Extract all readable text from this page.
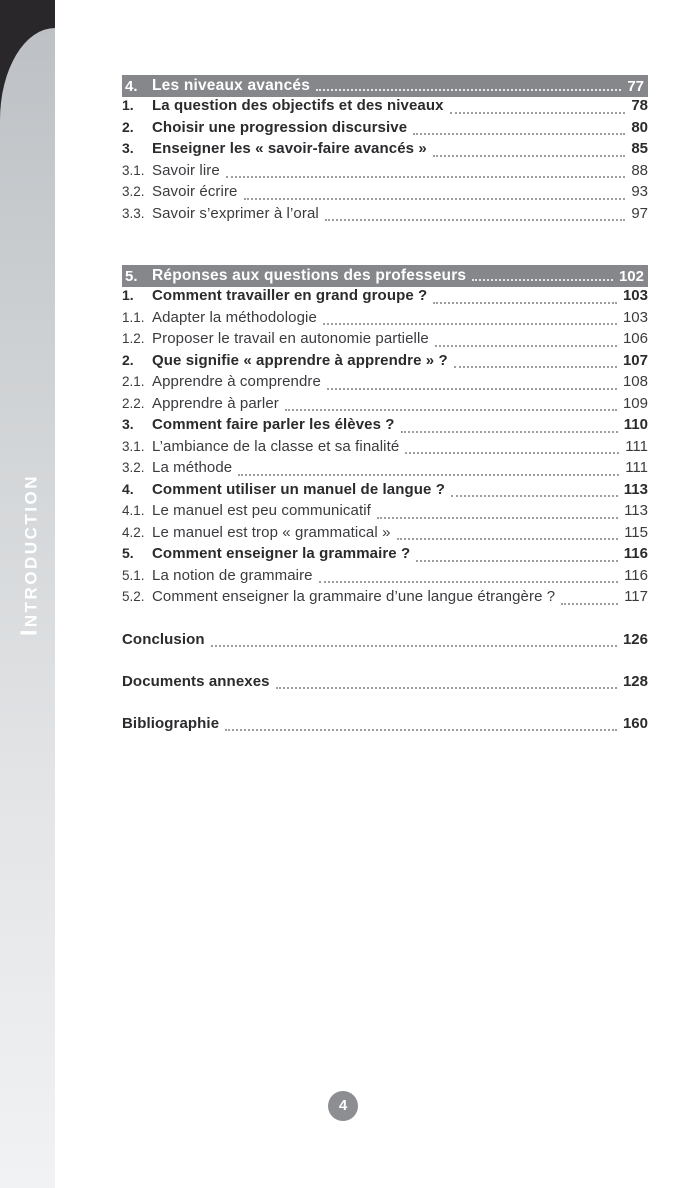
INTRODUCTION
4. Les niveaux avancés	77
1.	La question des objectifs et des niveaux	78
2.	Choisir une progression discursive	80
3.	Enseigner les « savoir-faire avancés »	85
3.1. Savoir lire	88
3.2. Savoir écrire	93
3.3. Savoir s’exprimer à l’oral	97
5. Réponses aux questions des professeurs	102
1.	Comment travailler en grand groupe ?	103
1.1. Adapter la méthodologie	103
1.2. Proposer le travail en autonomie partielle	106
2.	Que signifie « apprendre à apprendre » ?	107
2.1. Apprendre à comprendre	108
2.2. Apprendre à parler	109
3.	Comment faire parler les élèves ?	110
3.1. L’ambiance de la classe et sa finalité	111
3.2. La méthode	111
4.	Comment utiliser un manuel de langue ?	113
4.1. Le manuel est peu communicatif	113
4.2. Le manuel est trop « grammatical »	115
5.	Comment enseigner la grammaire ?	116
5.1. La notion de grammaire	116
5.2. Comment enseigner la grammaire d’une langue étrangère ?	117
Conclusion	126
Documents annexes	128
Bibliographie	160
4
